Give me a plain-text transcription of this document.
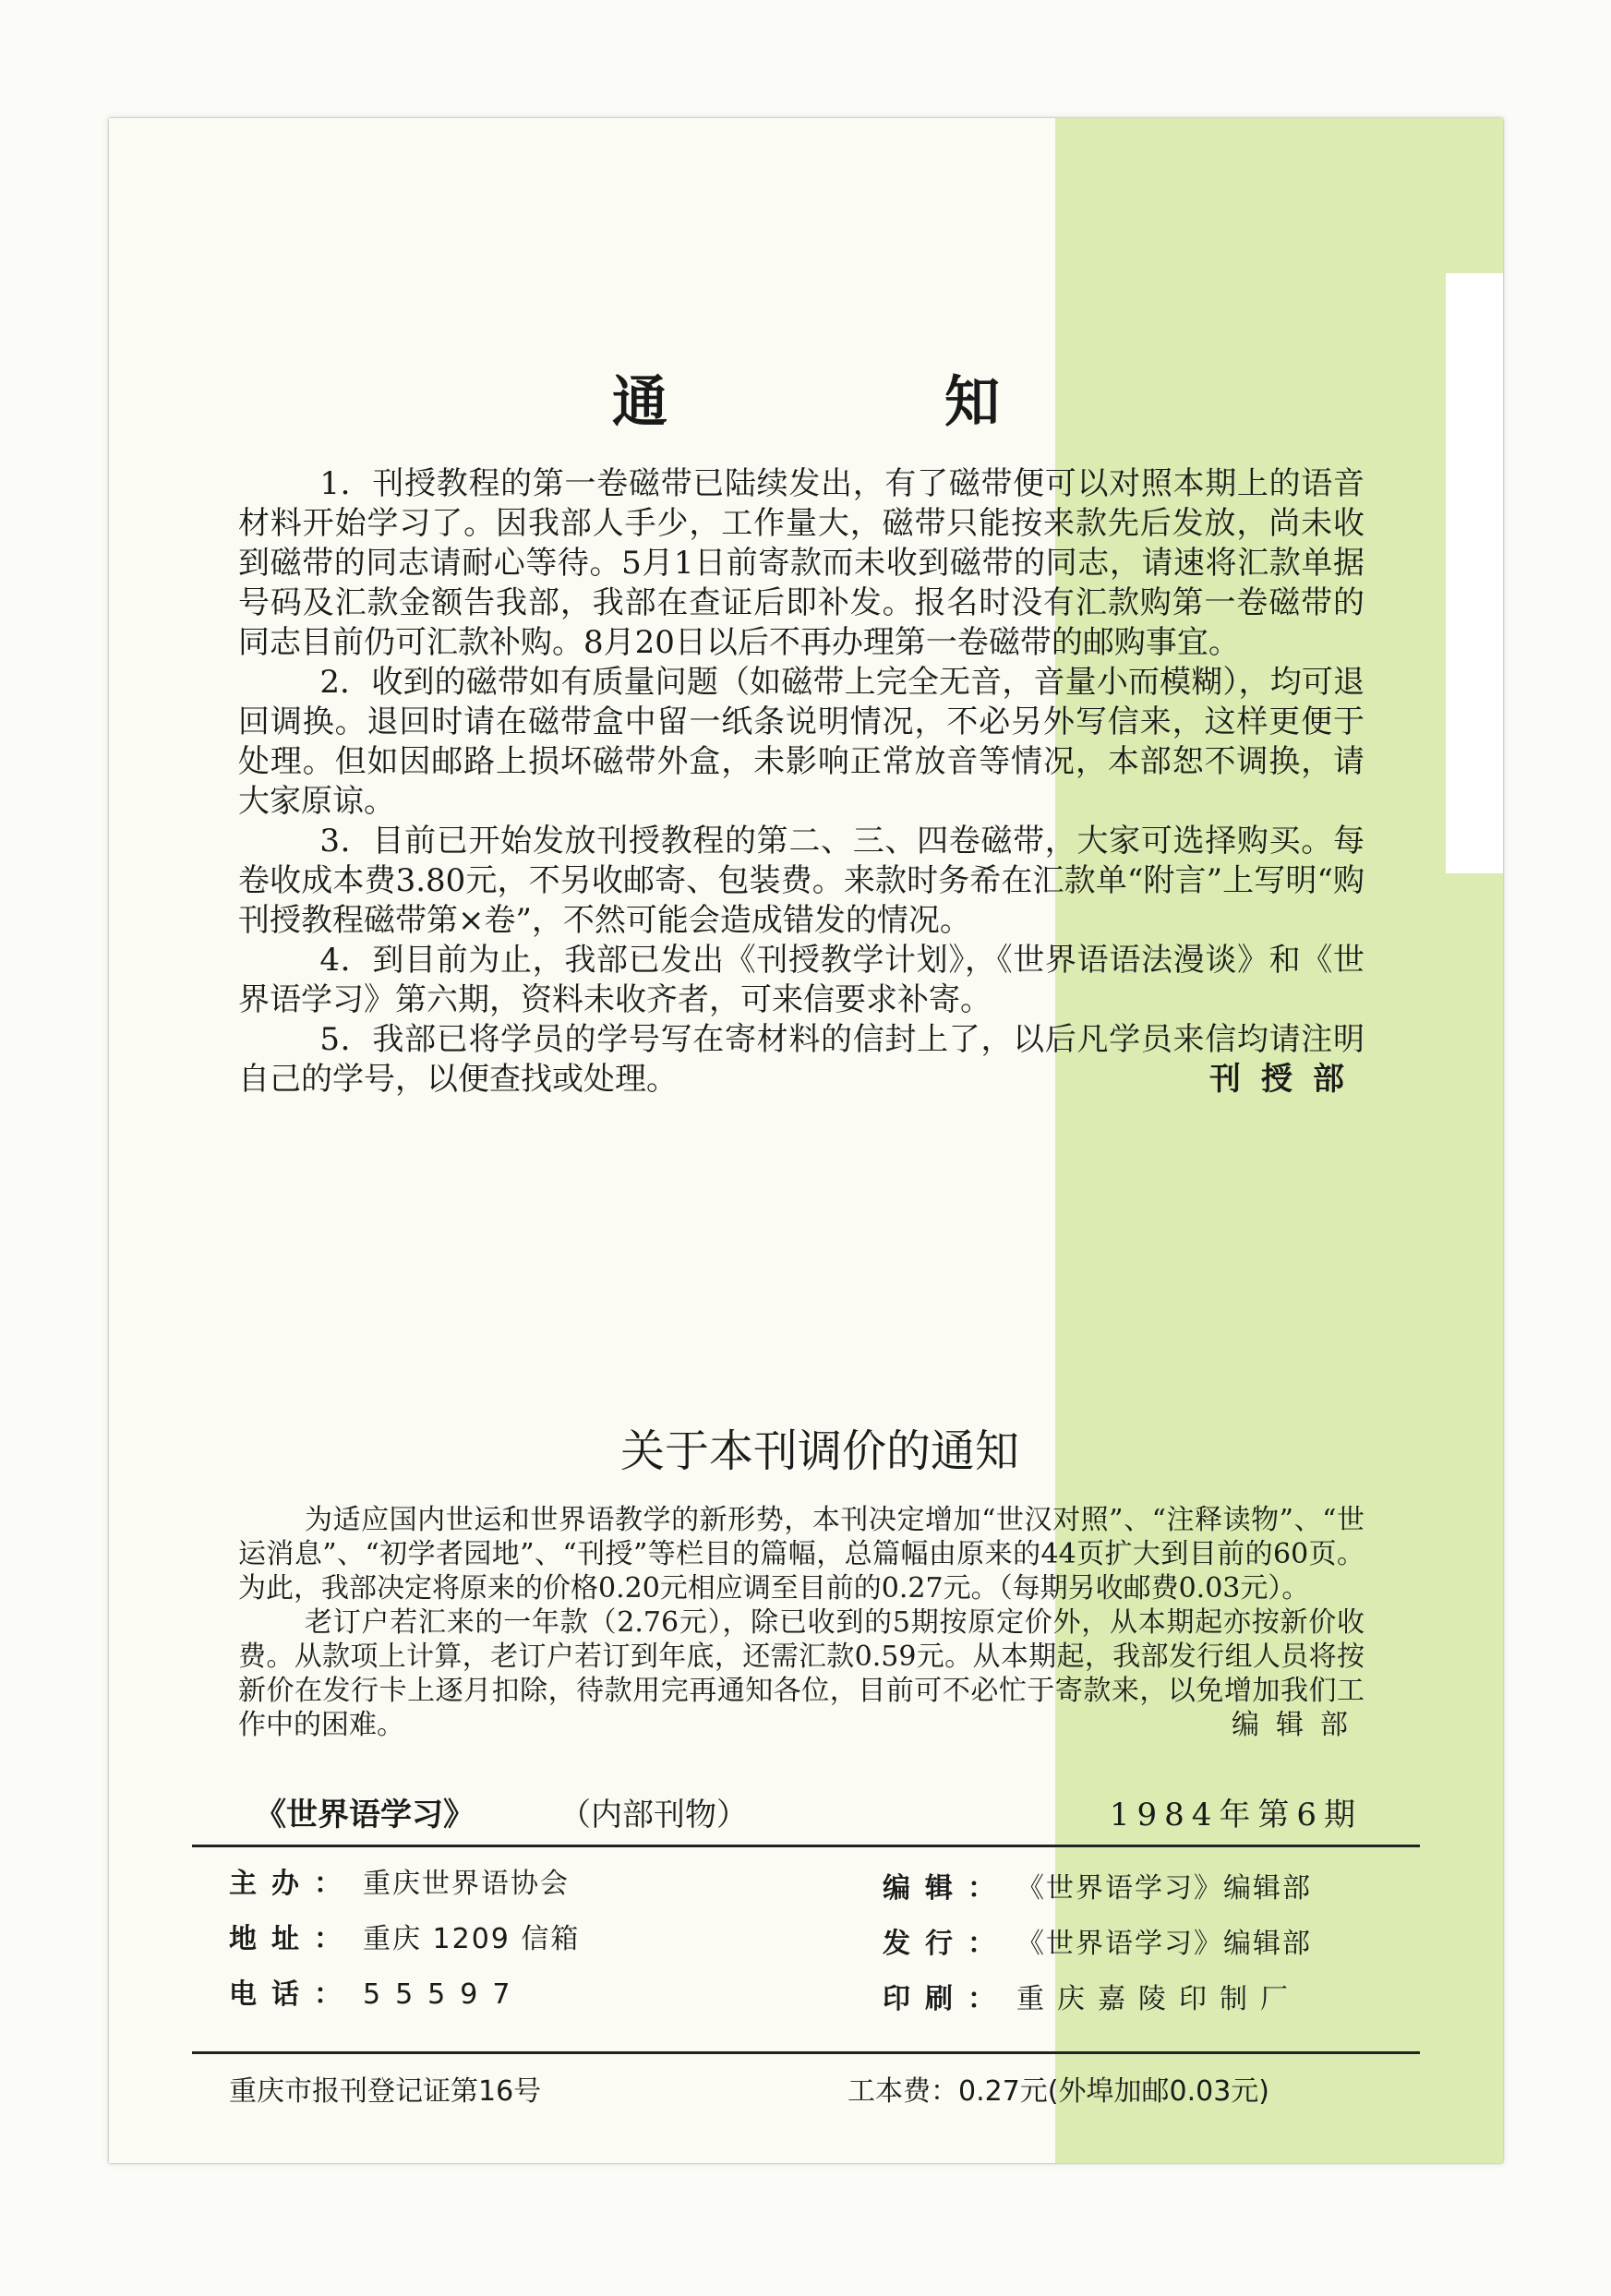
通　知

1．刊授教程的第一卷磁带已陆续发出，有了磁带便可以对照本期上的语音材料开始学习了。因我部人手少，工作量大，磁带只能按来款先后发放，尚未收到磁带的同志请耐心等待。5月1日前寄款而未收到磁带的同志，请速将汇款单据号码及汇款金额告我部，我部在查证后即补发。报名时没有汇款购第一卷磁带的同志目前仍可汇款补购。8月20日以后不再办理第一卷磁带的邮购事宜。

2．收到的磁带如有质量问题（如磁带上完全无音，音量小而模糊），均可退回调换。退回时请在磁带盒中留一纸条说明情况，不必另外写信来，这样更便于处理。但如因邮路上损坏磁带外盒，未影响正常放音等情况，本部恕不调换，请大家原谅。

3．目前已开始发放刊授教程的第二、三、四卷磁带，大家可选择购买。每卷收成本费3.80元，不另收邮寄、包装费。来款时务希在汇款单“附言”上写明“购刊授教程磁带第×卷”，不然可能会造成错发的情况。

4．到目前为止，我部已发出《刊授教学计划》，《世界语语法漫谈》和《世界语学习》第六期，资料未收齐者，可来信要求补寄。

5．我部已将学员的学号写在寄材料的信封上了，以后凡学员来信均请注明自己的学号，以便查找或处理。	刊授部
关于本刊调价的通知

为适应国内世运和世界语教学的新形势，本刊决定增加“世汉对照”、“注释读物”、“世运消息”、“初学者园地”、“刊授”等栏目的篇幅，总篇幅由原来的44页扩大到目前的60页。为此，我部决定将原来的价格0.20元相应调至目前的0.27元。（每期另收邮费0.03元）。

老订户若汇来的一年款（2.76元），除已收到的5期按原定价外，从本期起亦按新价收费。从款项上计算，老订户若订到年底，还需汇款0.59元。从本期起，我部发行组人员将按新价在发行卡上逐月扣除，待款用完再通知各位，目前可不必忙于寄款来，以免增加我们工作中的困难。	编辑部
《世界语学习》	（内部刊物）	1984年第6期
主办： 重庆世界语协会
地址： 重庆 1209 信箱
电话： 55597
编辑： 《世界语学习》编辑部
发行： 《世界语学习》编辑部
印刷： 重庆嘉陵印制厂
重庆市报刊登记证第16号	工本费：0.27元(外埠加邮0.03元)
